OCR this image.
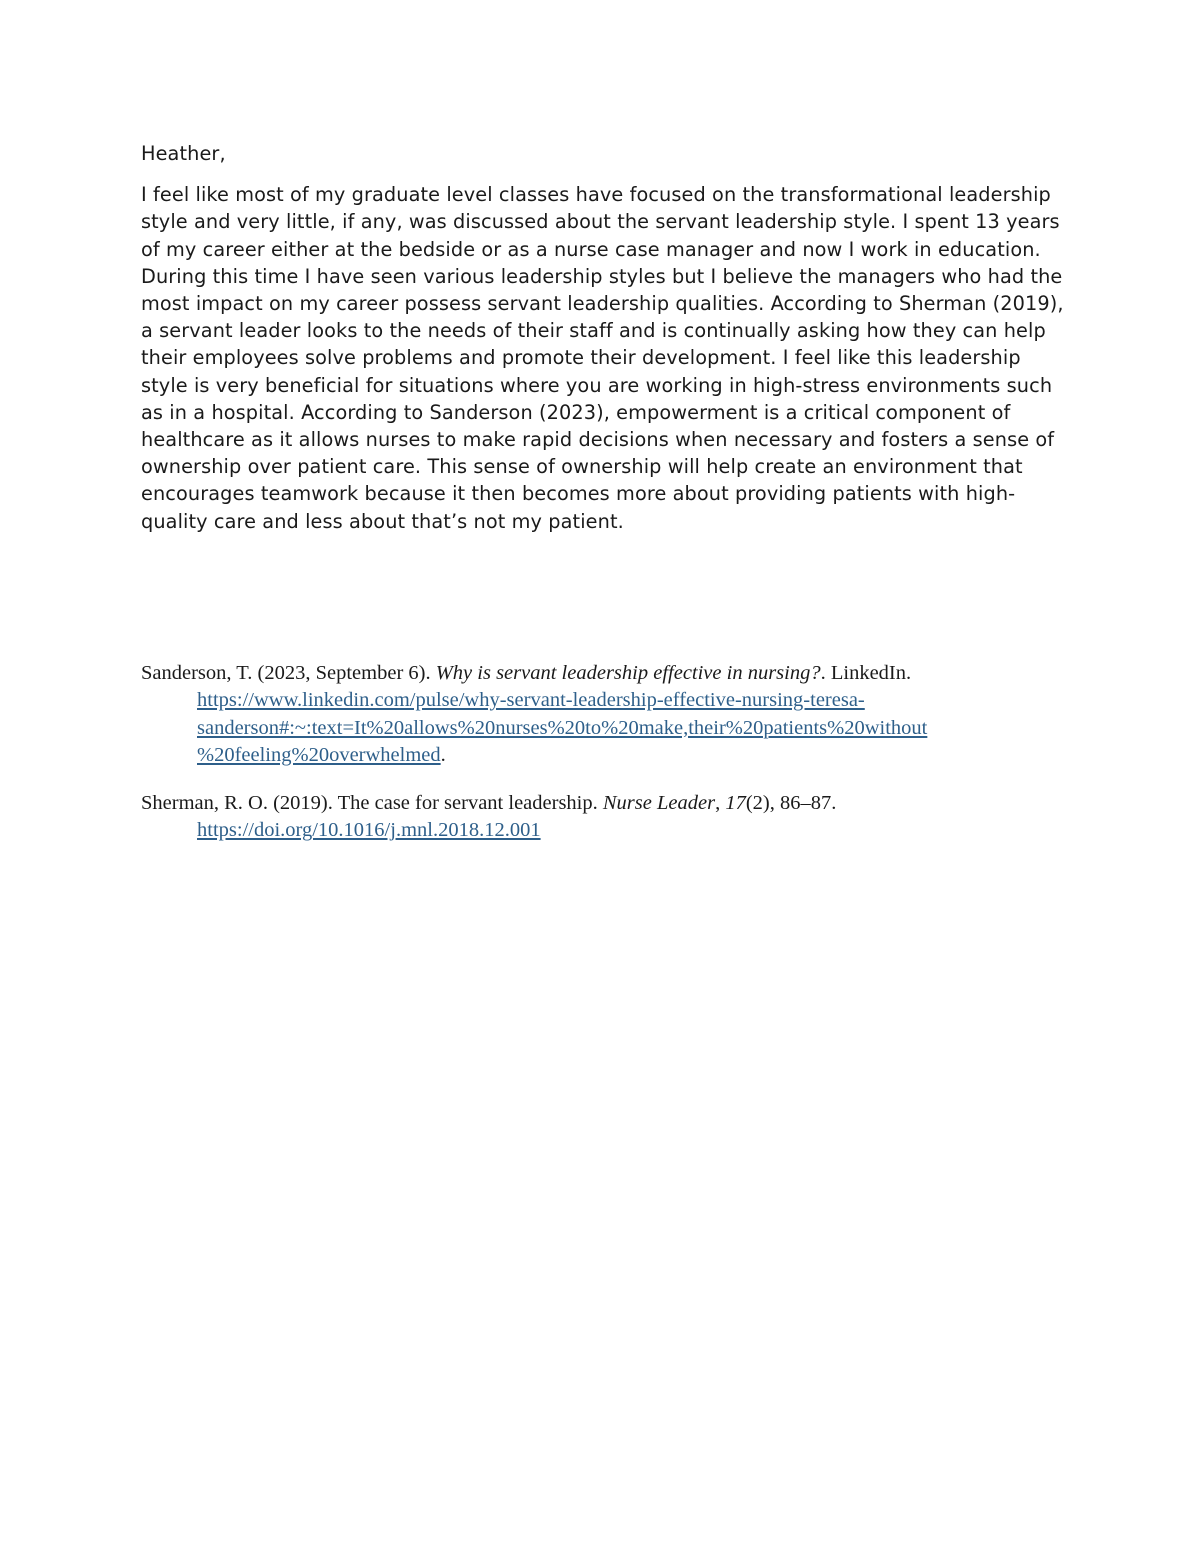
Heather,

I feel like most of my graduate level classes have focused on the transformational leadership style and very little, if any, was discussed about the servant leadership style. I spent 13 years of my career either at the bedside or as a nurse case manager and now I work in education. During this time I have seen various leadership styles but I believe the managers who had the most impact on my career possess servant leadership qualities. According to Sherman (2019), a servant leader looks to the needs of their staff and is continually asking how they can help their employees solve problems and promote their development. I feel like this leadership style is very beneficial for situations where you are working in high-stress environments such as in a hospital. According to Sanderson (2023), empowerment is a critical component of healthcare as it allows nurses to make rapid decisions when necessary and fosters a sense of ownership over patient care. This sense of ownership will help create an environment that encourages teamwork because it then becomes more about providing patients with high-quality care and less about that’s not my patient.

Sanderson, T. (2023, September 6). Why is servant leadership effective in nursing?. LinkedIn.
https://www.linkedin.com/pulse/why-servant-leadership-effective-nursing-teresa-
sanderson#:~:text=It%20allows%20nurses%20to%20make,their%20patients%20without
%20feeling%20overwhelmed.

Sherman, R. O. (2019). The case for servant leadership. Nurse Leader, 17(2), 86–87.
https://doi.org/10.1016/j.mnl.2018.12.001
